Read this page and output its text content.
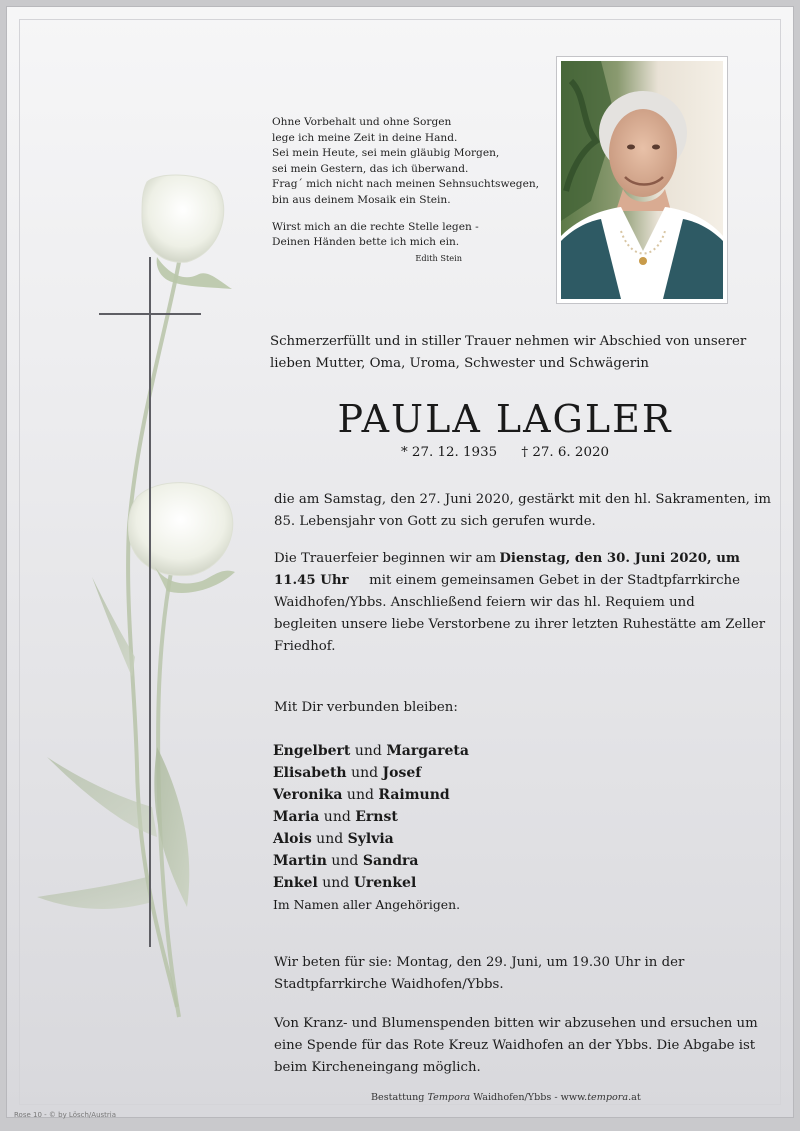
Ohne Vorbehalt und ohne Sorgen
lege ich meine Zeit in deine Hand.
Sei mein Heute, sei mein gläubig Morgen,
sei mein Gestern, das ich überwand.
Frag´ mich nicht nach meinen Sehnsuchtswegen,
bin aus deinem Mosaik ein Stein.
Wirst mich an die rechte Stelle legen -
Deinen Händen bette ich mich ein.
Edith Stein
Schmerzerfüllt und in stiller Trauer nehmen wir Abschied von unserer
lieben Mutter, Oma, Uroma, Schwester und Schwägerin
PAULA LAGLER
* 27. 12. 1935 † 27. 6. 2020
die am Samstag, den 27. Juni 2020, gestärkt mit den hl. Sakramenten, im
85. Lebensjahr von Gott zu sich gerufen wurde.
Die Trauerfeier beginnen wir am Dienstag, den 30. Juni 2020, um
11.45 Uhr mit einem gemeinsamen Gebet in der Stadtpfarrkirche
Waidhofen/Ybbs. Anschließend feiern wir das hl. Requiem und
begleiten unsere liebe Verstorbene zu ihrer letzten Ruhestätte am Zeller
Friedhof.
Mit Dir verbunden bleiben:
Engelbert und Margareta
Elisabeth und Josef
Veronika und Raimund
Maria und Ernst
Alois und Sylvia
Martin und Sandra
Enkel und Urenkel
Im Namen aller Angehörigen.
Wir beten für sie: Montag, den 29. Juni, um 19.30 Uhr in der
Stadtpfarrkirche Waidhofen/Ybbs.
Von Kranz- und Blumenspenden bitten wir abzusehen und ersuchen um
eine Spende für das Rote Kreuz Waidhofen an der Ybbs. Die Abgabe ist
beim Kircheneingang möglich.
Bestattung Tempora Waidhofen/Ybbs - www.tempora.at
Rose 10 - © by Lösch/Austria
